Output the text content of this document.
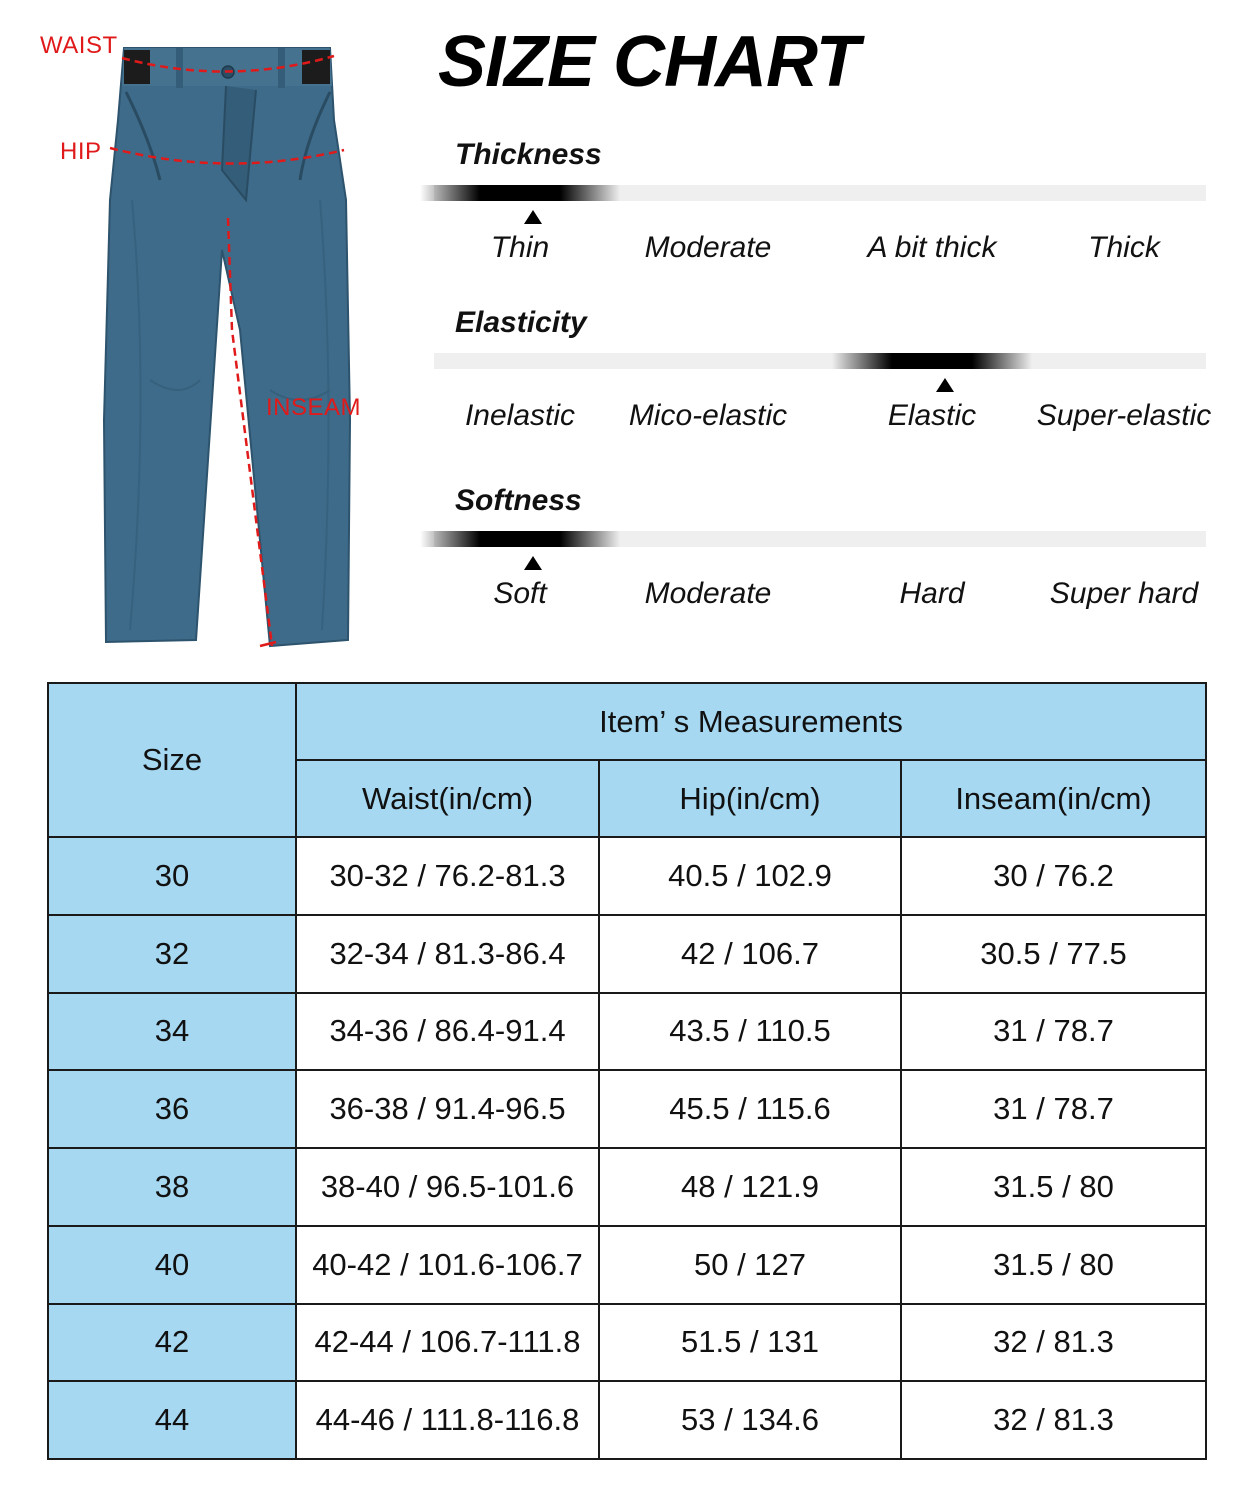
WAIST
HIP
INSEAM
SIZE CHART
Thickness
Thin	Moderate	A bit thick	Thick
Elasticity
Inelastic Mico-elastic	Elastic Super-elastic
Softness
Soft	Moderate	Hard	Super hard
Size	Item’ s Measurements		
	Waist(in/cm)	Hip(in/cm)	Inseam(in/cm)
30	30-32 / 76.2-81.3	40.5 / 102.9	30 / 76.2
32	32-34 / 81.3-86.4	42 / 106.7	30.5 / 77.5
34	34-36 / 86.4-91.4	43.5 / 110.5	31 / 78.7
36	36-38 / 91.4-96.5	45.5 / 115.6	31 / 78.7
38	38-40 / 96.5-101.6	48 / 121.9	31.5 / 80
40	40-42 / 101.6-106.7	50 / 127	31.5 / 80
42	42-44 / 106.7-111.8	51.5 / 131	32 / 81.3
44	44-46 / 111.8-116.8	53 / 134.6	32 / 81.3
